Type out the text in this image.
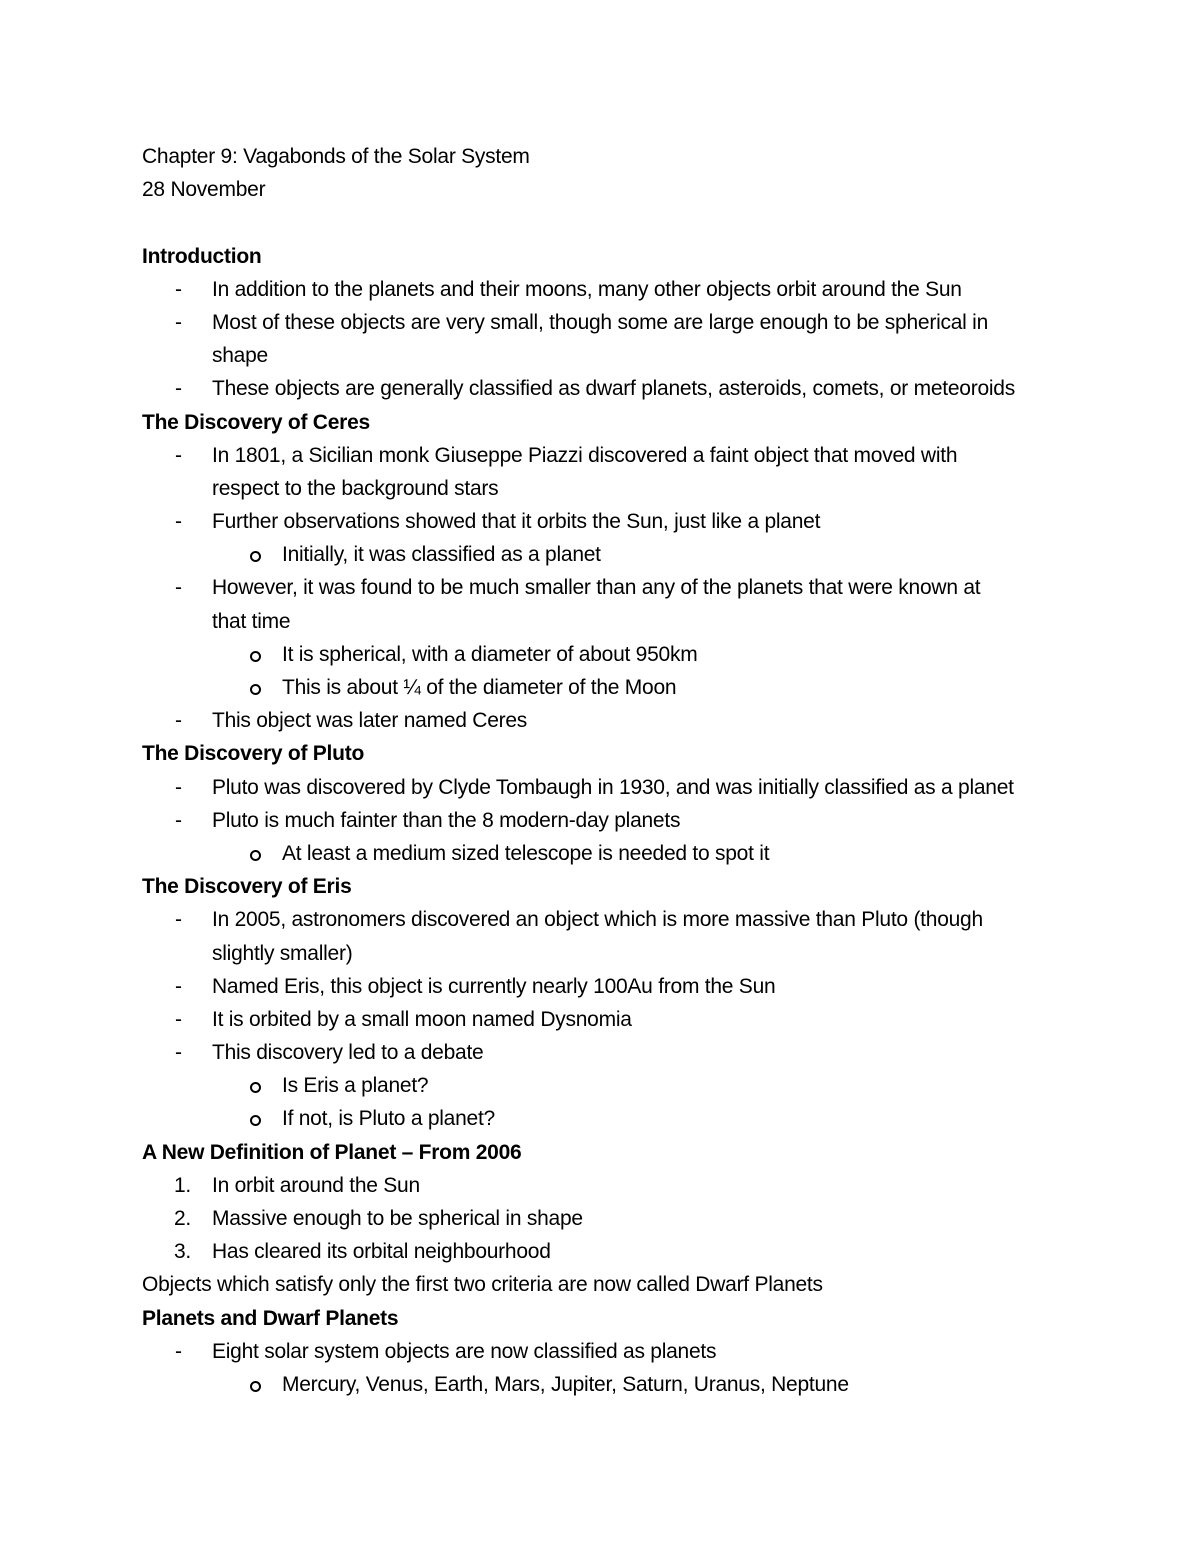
Chapter 9: Vagabonds of the Solar System
28 November
Introduction
- In addition to the planets and their moons, many other objects orbit around the Sun
- Most of these objects are very small, though some are large enough to be spherical in
shape
- These objects are generally classified as dwarf planets, asteroids, comets, or meteoroids
The Discovery of Ceres
- In 1801, a Sicilian monk Giuseppe Piazzi discovered a faint object that moved with
respect to the background stars
- Further observations showed that it orbits the Sun, just like a planet
Initially, it was classified as a planet
- However, it was found to be much smaller than any of the planets that were known at
that time
It is spherical, with a diameter of about 950km
This is about ¼ of the diameter of the Moon
- This object was later named Ceres
The Discovery of Pluto
- Pluto was discovered by Clyde Tombaugh in 1930, and was initially classified as a planet
- Pluto is much fainter than the 8 modern-day planets
At least a medium sized telescope is needed to spot it
The Discovery of Eris
- In 2005, astronomers discovered an object which is more massive than Pluto (though
slightly smaller)
- Named Eris, this object is currently nearly 100Au from the Sun
- It is orbited by a small moon named Dysnomia
- This discovery led to a debate
Is Eris a planet?
If not, is Pluto a planet?
A New Definition of Planet – From 2006
1. In orbit around the Sun
2. Massive enough to be spherical in shape
3. Has cleared its orbital neighbourhood
Objects which satisfy only the first two criteria are now called Dwarf Planets
Planets and Dwarf Planets
- Eight solar system objects are now classified as planets
Mercury, Venus, Earth, Mars, Jupiter, Saturn, Uranus, Neptune
